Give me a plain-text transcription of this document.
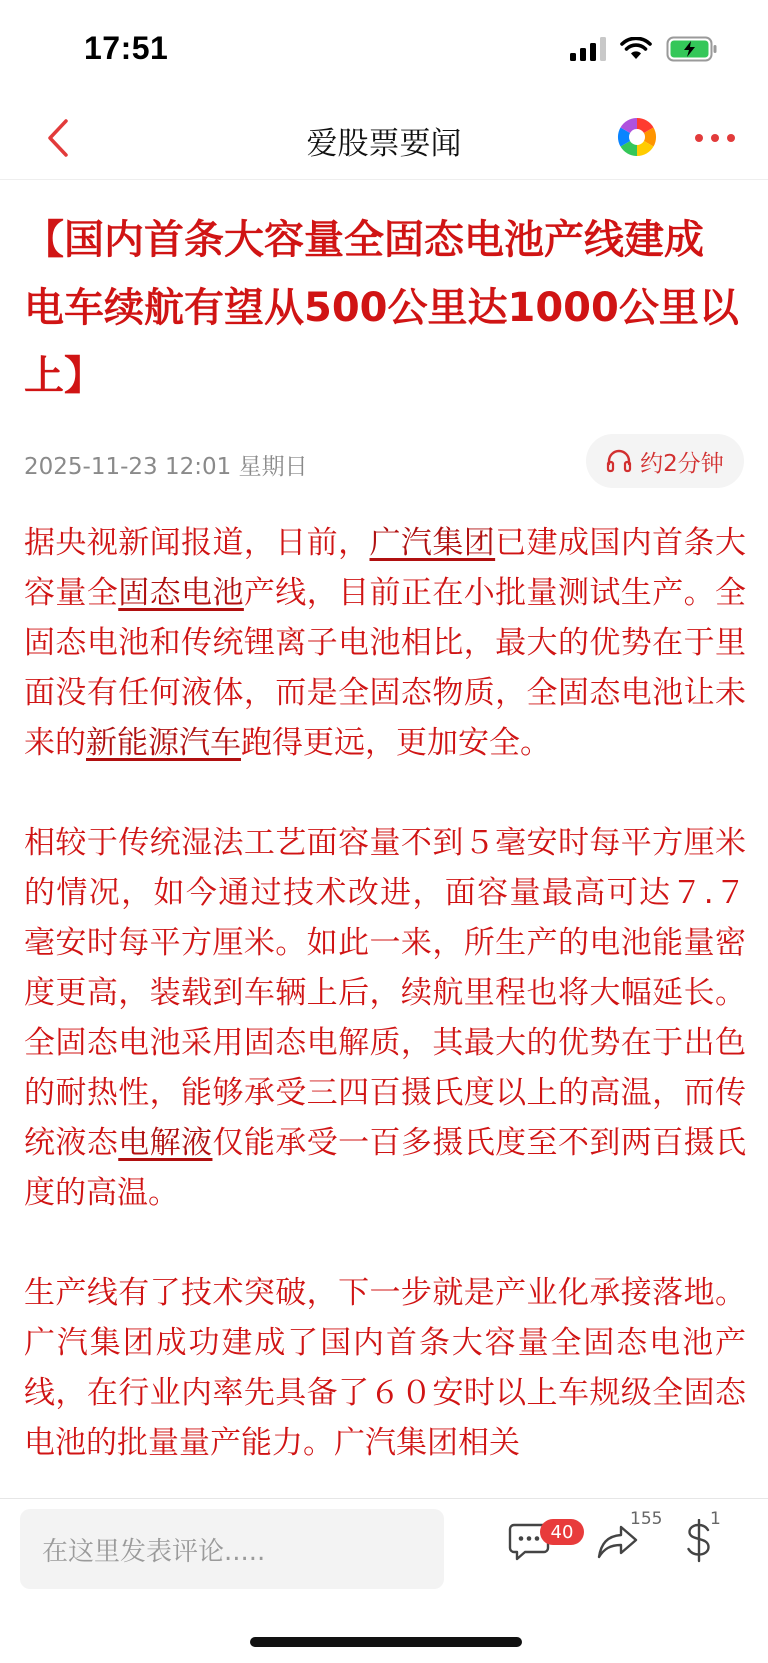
17:51
爱股票要闻
【国内首条大容量全固态电池产线建成 电车续航有望从500公里达1000公里以上】
2025-11-23 12:01 星期日	约2分钟

据央视新闻报道，日前，广汽集团已建成国内首条大容量全固态电池产线，目前正在小批量测试生产。全固态电池和传统锂离子电池相比，最大的优势在于里面没有任何液体，而是全固态物质，全固态电池让未来的新能源汽车跑得更远，更加安全。

相较于传统湿法工艺面容量不到５毫安时每平方厘米的情况，如今通过技术改进，面容量最高可达７.７毫安时每平方厘米。如此一来，所生产的电池能量密度更高，装载到车辆上后，续航里程也将大幅延长。全固态电池采用固态电解质，其最大的优势在于出色的耐热性，能够承受三四百摄氏度以上的高温，而传统液态电解液仅能承受一百多摄氏度至不到两百摄氏度的高温。

生产线有了技术突破，下一步就是产业化承接落地。广汽集团成功建成了国内首条大容量全固态电池产线，在行业内率先具备了６０安时以上车规级全固态电池的批量量产能力。广汽集团相关

在这里发表评论.....
40
155	1
